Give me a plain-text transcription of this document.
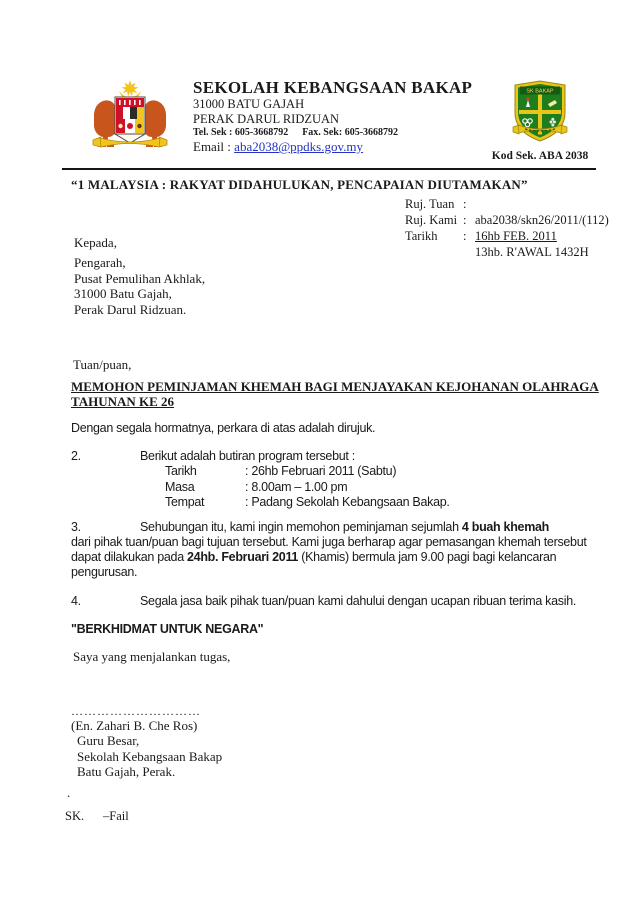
SEKOLAH KEBANGSAAN BAKAP
31000 BATU GAJAH
PERAK DARUL RIDZUAN
Tel. Sek : 605-3668792 Fax. Sek: 605-3668792
Email : aba2038@ppdks.gov.my
SK BAKAP
Kod Sek. ABA 2038
“1 MALAYSIA : RAKYAT DIDAHULUKAN, PENCAPAIAN DIUTAMAKAN”
Ruj. Tuan :
Ruj. Kami : aba2038/skn26/2011/(112)
Tarikh	: 16hb FEB. 2011
13hb. R'AWAL 1432H
Kepada,
Pengarah,
Pusat Pemulihan Akhlak,
31000 Batu Gajah,
Perak Darul Ridzuan.
Tuan/puan,
MEMOHON PEMINJAMAN KHEMAH BAGI MENJAYAKAN KEJOHANAN OLAHRAGA
TAHUNAN KE 26
Dengan segala hormatnya, perkara di atas adalah dirujuk.
2.	Berikut adalah butiran program tersebut :
Tarikh	: 26hb Februari 2011 (Sabtu)
Masa	: 8.00am – 1.00 pm
Tempat	: Padang Sekolah Kebangsaan Bakap.
3.	Sehubungan itu, kami ingin memohon peminjaman sejumlah 4 buah khemah
dari pihak tuan/puan bagi tujuan tersebut. Kami juga berharap agar pemasangan khemah tersebut
dapat dilakukan pada 24hb. Februari 2011 (Khamis) bermula jam 9.00 pagi bagi kelancaran
pengurusan.
4.	Segala jasa baik pihak tuan/puan kami dahului dengan ucapan ribuan terima kasih.
"BERKHIDMAT UNTUK NEGARA"
Saya yang menjalankan tugas,
…………………………
(En. Zahari B. Che Ros)
Guru Besar,
Sekolah Kebangsaan Bakap
Batu Gajah, Perak.
.
SK. –Fail
